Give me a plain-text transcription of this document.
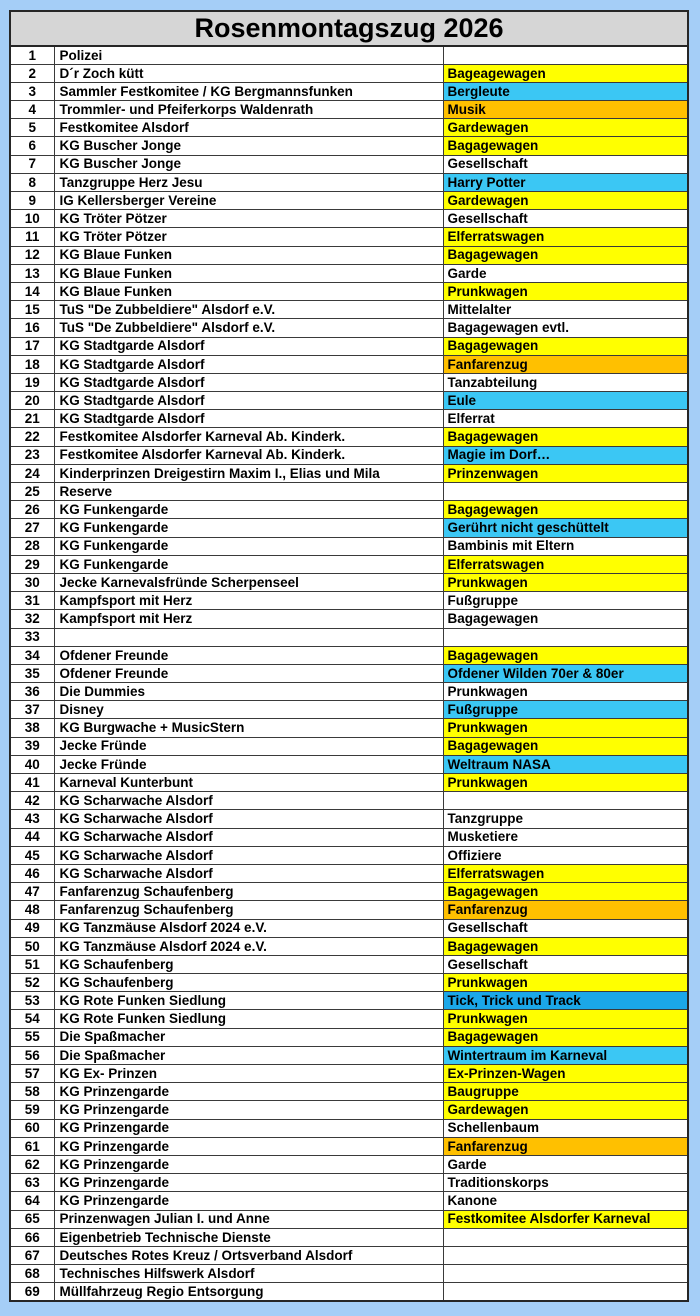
Rosenmontagszug 2026		
1	Polizei	
2	D´r Zoch kütt	Bageagewagen
3	Sammler Festkomitee / KG Bergmannsfunken	Bergleute
4	Trommler- und Pfeiferkorps Waldenrath	Musik
5	Festkomitee Alsdorf	Gardewagen
6	KG Buscher Jonge	Bagagewagen
7	KG Buscher Jonge	Gesellschaft
8	Tanzgruppe Herz Jesu	Harry Potter
9	IG Kellersberger Vereine	Gardewagen
10	KG Tröter Pötzer	Gesellschaft
11	KG Tröter Pötzer	Elferratswagen
12	KG Blaue Funken	Bagagewagen
13	KG Blaue Funken	Garde
14	KG Blaue Funken	Prunkwagen
15	TuS "De Zubbeldiere" Alsdorf e.V.	Mittelalter
16	TuS "De Zubbeldiere" Alsdorf e.V.	Bagagewagen evtl.
17	KG Stadtgarde Alsdorf	Bagagewagen
18	KG Stadtgarde Alsdorf	Fanfarenzug
19	KG Stadtgarde Alsdorf	Tanzabteilung
20	KG Stadtgarde Alsdorf	Eule
21	KG Stadtgarde Alsdorf	Elferrat
22	Festkomitee Alsdorfer Karneval Ab. Kinderk.	Bagagewagen
23	Festkomitee Alsdorfer Karneval Ab. Kinderk.	Magie im Dorf…
24	Kinderprinzen Dreigestirn Maxim I., Elias und Mila	Prinzenwagen
25	Reserve	
26	KG Funkengarde	Bagagewagen
27	KG Funkengarde	Gerührt nicht geschüttelt
28	KG Funkengarde	Bambinis mit Eltern
29	KG Funkengarde	Elferratswagen
30	Jecke Karnevalsfründe Scherpenseel	Prunkwagen
31	Kampfsport mit Herz	Fußgruppe
32	Kampfsport mit Herz	Bagagewagen
33		
34	Ofdener Freunde	Bagagewagen
35	Ofdener Freunde	Ofdener Wilden 70er & 80er
36	Die Dummies	Prunkwagen
37	Disney	Fußgruppe
38	KG Burgwache + MusicStern	Prunkwagen
39	Jecke Fründe	Bagagewagen
40	Jecke Fründe	Weltraum NASA
41	Karneval Kunterbunt	Prunkwagen
42	KG Scharwache Alsdorf	
43	KG Scharwache Alsdorf	Tanzgruppe
44	KG Scharwache Alsdorf	Musketiere
45	KG Scharwache Alsdorf	Offiziere
46	KG Scharwache Alsdorf	Elferratswagen
47	Fanfarenzug Schaufenberg	Bagagewagen
48	Fanfarenzug Schaufenberg	Fanfarenzug
49	KG Tanzmäuse Alsdorf 2024 e.V.	Gesellschaft
50	KG Tanzmäuse Alsdorf 2024 e.V.	Bagagewagen
51	KG Schaufenberg	Gesellschaft
52	KG Schaufenberg	Prunkwagen
53	KG Rote Funken Siedlung	Tick, Trick und Track
54	KG Rote Funken Siedlung	Prunkwagen
55	Die Spaßmacher	Bagagewagen
56	Die Spaßmacher	Wintertraum im Karneval
57	KG Ex- Prinzen	Ex-Prinzen-Wagen
58	KG Prinzengarde	Baugruppe
59	KG Prinzengarde	Gardewagen
60	KG Prinzengarde	Schellenbaum
61	KG Prinzengarde	Fanfarenzug
62	KG Prinzengarde	Garde
63	KG Prinzengarde	Traditionskorps
64	KG Prinzengarde	Kanone
65	Prinzenwagen Julian I. und Anne	Festkomitee Alsdorfer Karneval
66	Eigenbetrieb Technische Dienste	
67	Deutsches Rotes Kreuz / Ortsverband Alsdorf	
68	Technisches Hilfswerk Alsdorf	
69	Müllfahrzeug Regio Entsorgung	
